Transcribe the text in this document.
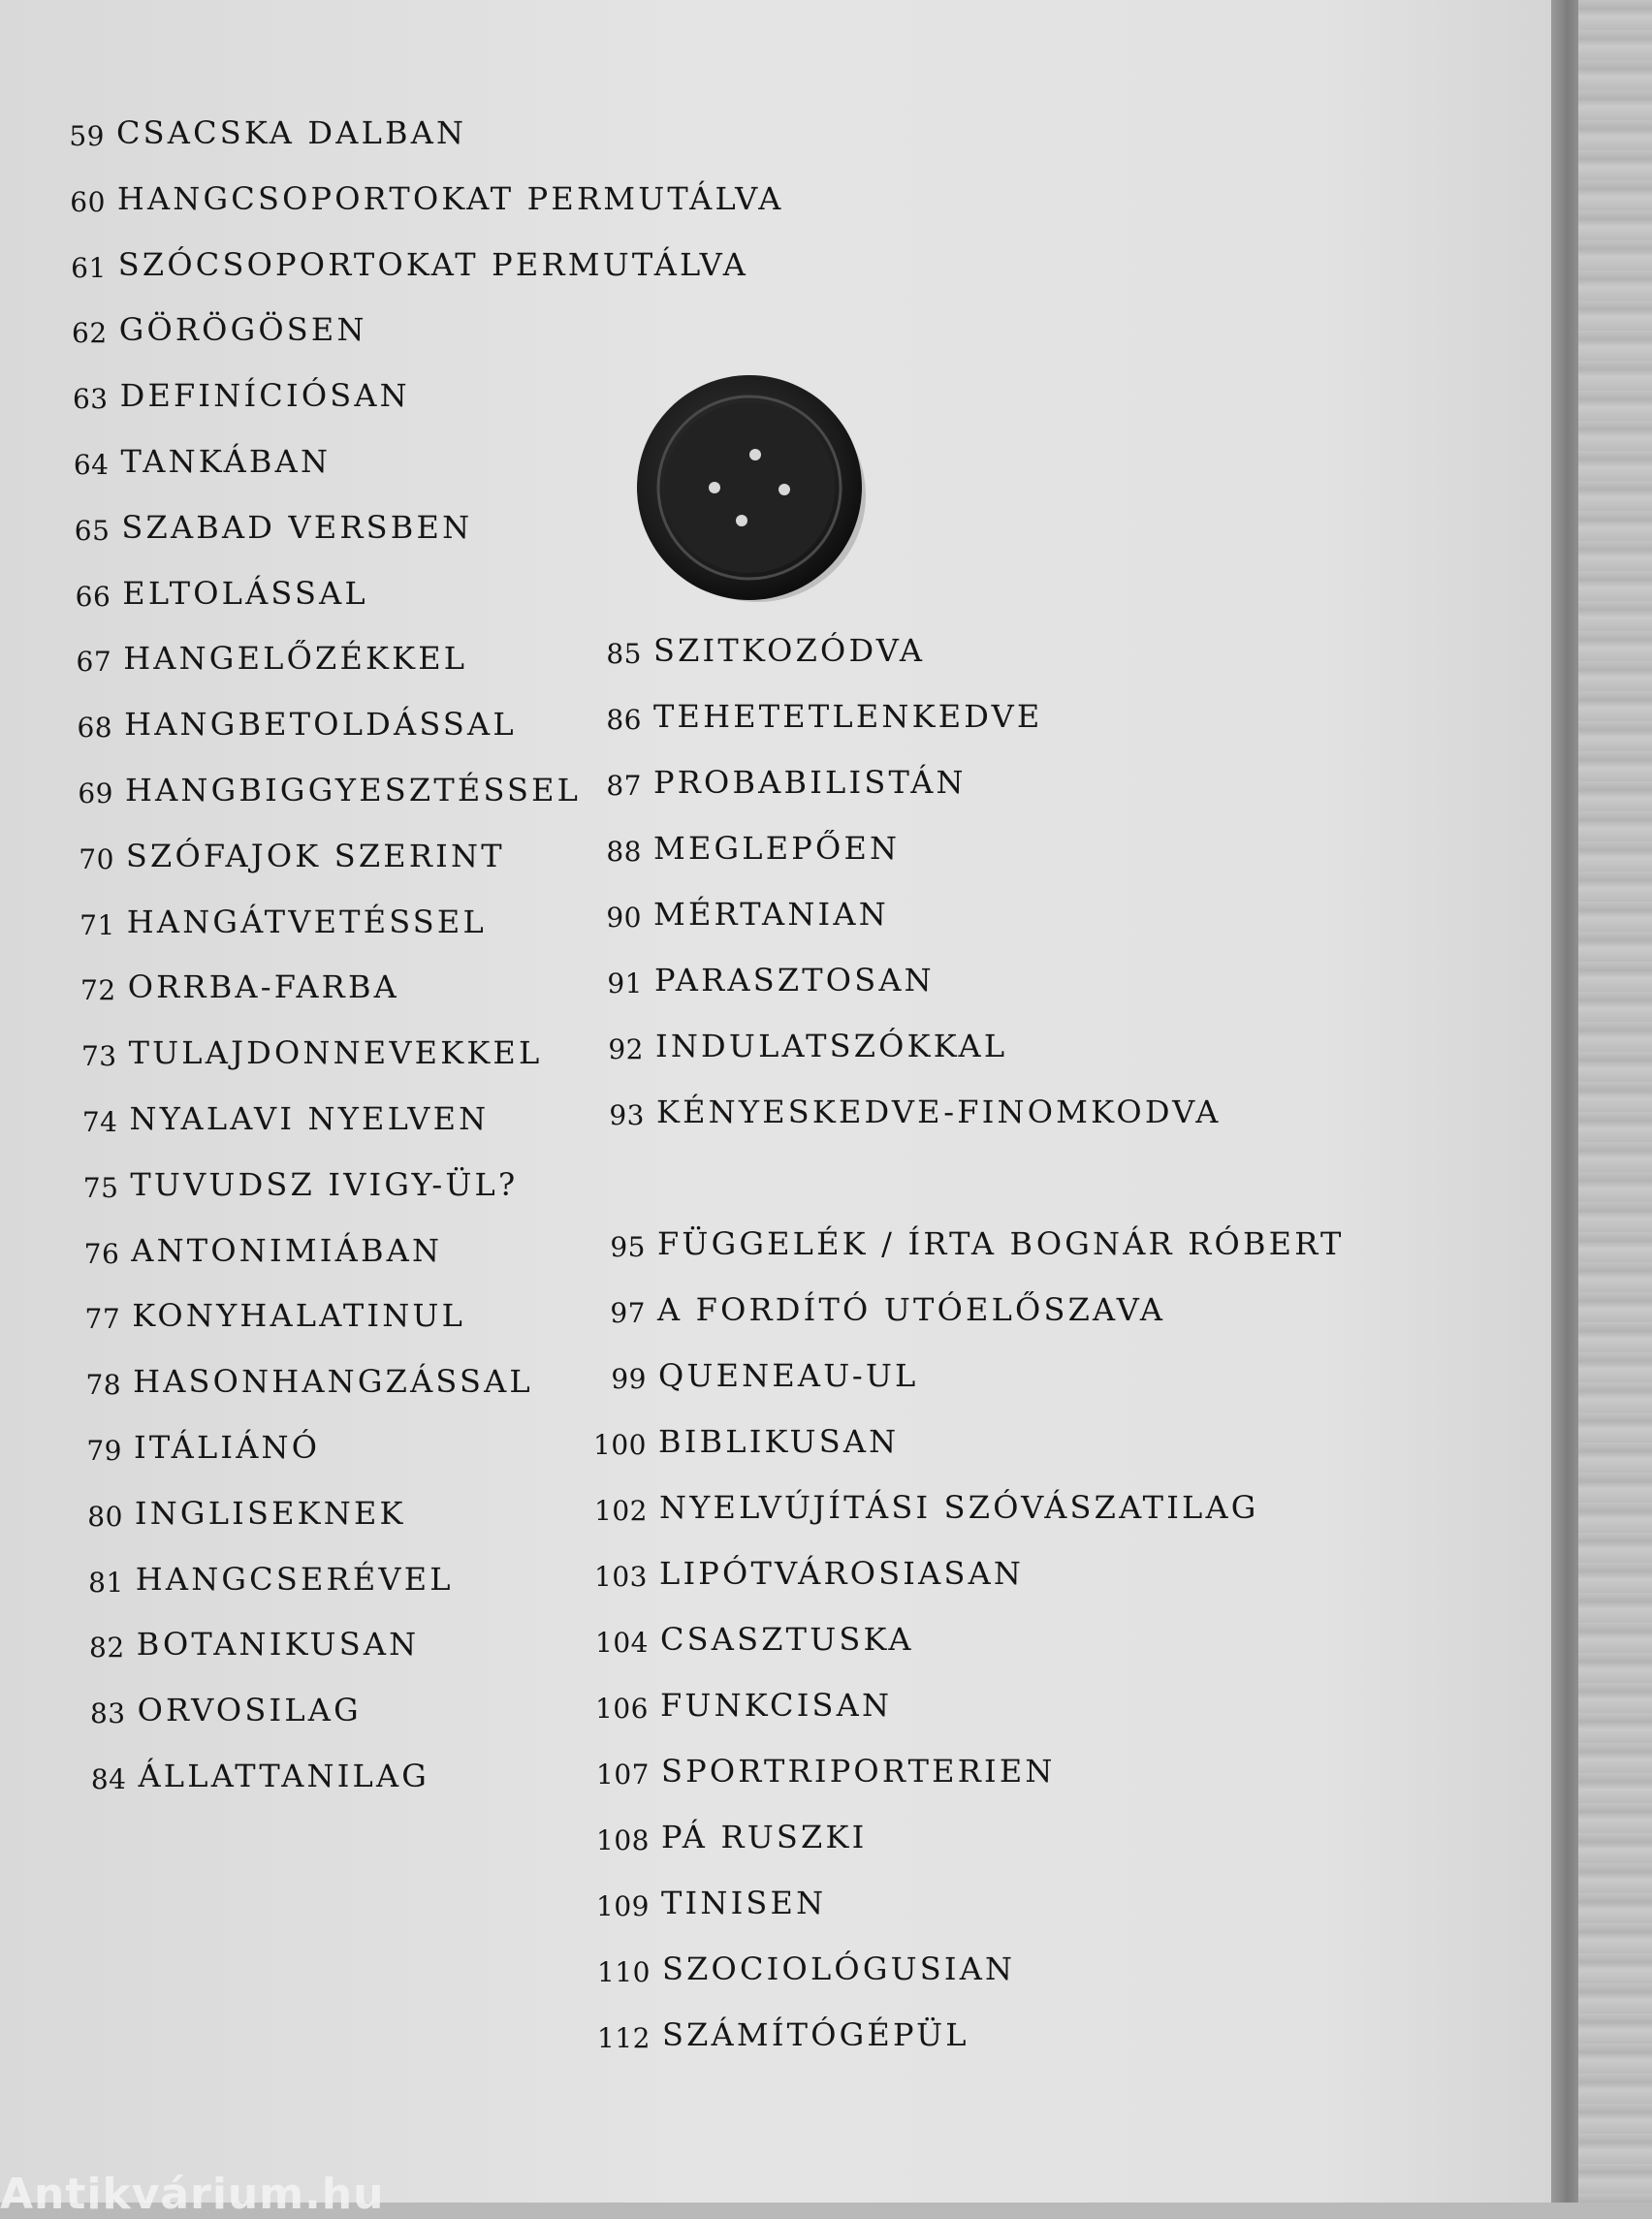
59 CSACSKA DALBAN
60 HANGCSOPORTOKAT PERMUTÁLVA
61 SZÓCSOPORTOKAT PERMUTÁLVA
62 GÖRÖGÖSEN
63 DEFINÍCIÓSAN
64 TANKÁBAN
65 SZABAD VERSBEN
66 ELTOLÁSSAL
67 HANGELŐZÉKKEL
68 HANGBETOLDÁSSAL
69 HANGBIGGYESZTÉSSEL
70 SZÓFAJOK SZERINT
71 HANGÁTVETÉSSEL
72 ORRBA-FARBA
73 TULAJDONNEVEKKEL
74 NYALAVI NYELVEN
75 TUVUDSZ IVIGY-ÜL?
76 ANTONIMIÁBAN
77 KONYHALATINUL
78 HASONHANGZÁSSAL
79 ITÁLIÁNÓ
80 INGLISEKNEK
81 HANGCSERÉVEL
82 BOTANIKUSAN
83 ORVOSILAG
84 ÁLLATTANILAG
85 SZITKOZÓDVA
86 TEHETETLENKEDVE
87 PROBABILISTÁN
88 MEGLEPŐEN
90 MÉRTANIAN
91 PARASZTOSAN
92 INDULATSZÓKKAL
93 KÉNYESKEDVE-FINOMKODVA
95 FÜGGELÉK / ÍRTA BOGNÁR RÓBERT
97 A FORDÍTÓ UTÓELŐSZAVA
99 QUENEAU-UL
100 BIBLIKUSAN
102 NYELVÚJÍTÁSI SZÓVÁSZATILAG
103 LIPÓTVÁROSIASAN
104 CSASZTUSKA
106 FUNKCISAN
107 SPORTRIPORTERIEN
108 PÁ RUSZKI
109 TINISEN
110 SZOCIOLÓGUSIAN
112 SZÁMÍTÓGÉPÜL
Antikvárium.hu
